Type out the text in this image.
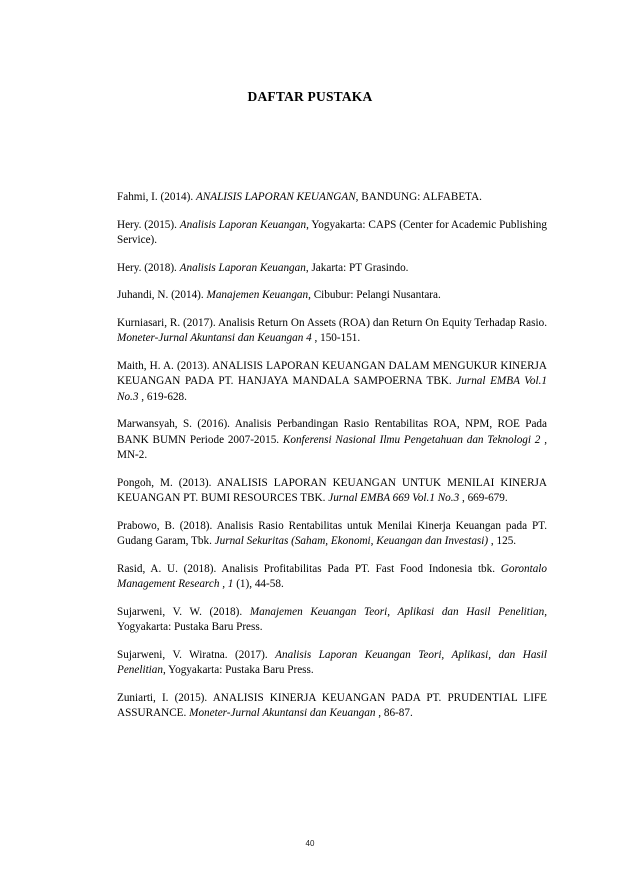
DAFTAR PUSTAKA

Fahmi, I. (2014). ANALISIS LAPORAN KEUANGAN, BANDUNG: ALFABETA.

Hery. (2015). Analisis Laporan Keuangan, Yogyakarta: CAPS (Center for Academic Publishing Service).

Hery. (2018). Analisis Laporan Keuangan, Jakarta: PT Grasindo.

Juhandi, N. (2014). Manajemen Keuangan, Cibubur: Pelangi Nusantara.

Kurniasari, R. (2017). Analisis Return On Assets (ROA) dan Return On Equity Terhadap Rasio. Moneter-Jurnal Akuntansi dan Keuangan 4 , 150-151.

Maith, H. A. (2013). ANALISIS LAPORAN KEUANGAN DALAM MENGUKUR KINERJA KEUANGAN PADA PT. HANJAYA MANDALA SAMPOERNA TBK. Jurnal EMBA Vol.1 No.3 , 619-628.

Marwansyah, S. (2016). Analisis Perbandingan Rasio Rentabilitas ROA, NPM, ROE Pada BANK BUMN Periode 2007-2015. Konferensi Nasional Ilmu Pengetahuan dan Teknologi 2 , MN-2.

Pongoh, M. (2013). ANALISIS LAPORAN KEUANGAN UNTUK MENILAI KINERJA KEUANGAN PT. BUMI RESOURCES TBK. Jurnal EMBA 669 Vol.1 No.3 , 669-679.

Prabowo, B. (2018). Analisis Rasio Rentabilitas untuk Menilai Kinerja Keuangan pada PT. Gudang Garam, Tbk. Jurnal Sekuritas (Saham, Ekonomi, Keuangan dan Investasi) , 125.

Rasid, A. U. (2018). Analisis Profitabilitas Pada PT. Fast Food Indonesia tbk. Gorontalo Management Research , 1 (1), 44-58.

Sujarweni, V. W. (2018). Manajemen Keuangan Teori, Aplikasi dan Hasil Penelitian, Yogyakarta: Pustaka Baru Press.

Sujarweni, V. Wiratna. (2017). Analisis Laporan Keuangan Teori, Aplikasi, dan Hasil Penelitian, Yogyakarta: Pustaka Baru Press.

Zuniarti, I. (2015). ANALISIS KINERJA KEUANGAN PADA PT. PRUDENTIAL LIFE ASSURANCE. Moneter-Jurnal Akuntansi dan Keuangan , 86-87.

40
